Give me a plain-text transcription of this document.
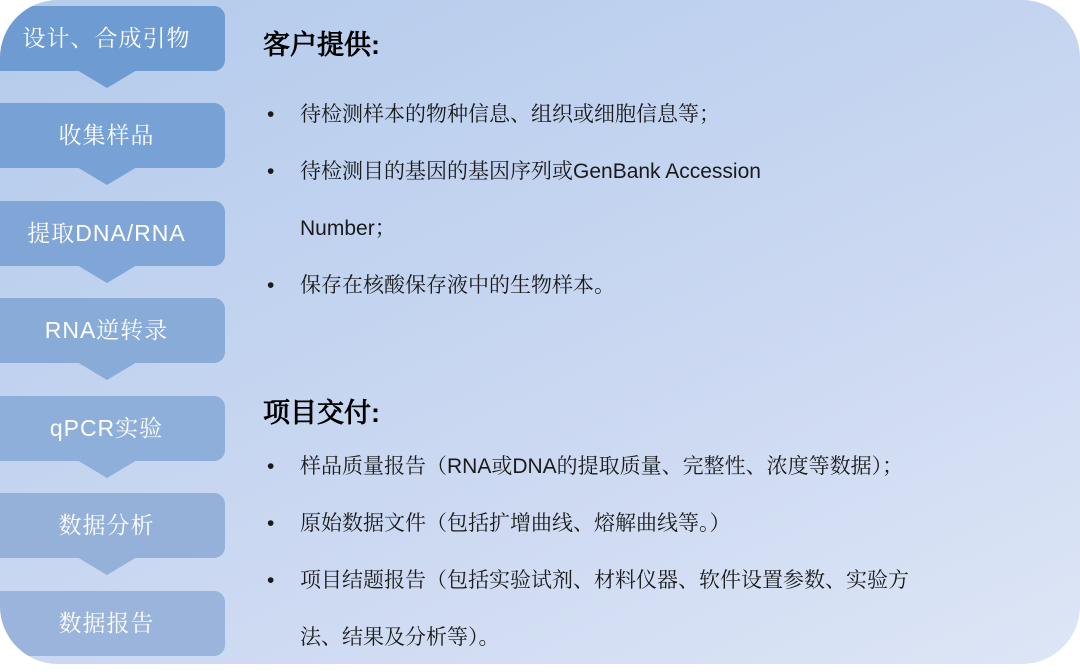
设计、合成引物
收集样品
提取DNA/RNA
RNA逆转录
qPCR实验
数据分析
数据报告
客户提供:
• 待检测样本的物种信息、组织或细胞信息等；
• 待检测目的基因的基因序列或GenBank Accession Number；
• 保存在核酸保存液中的生物样本。
项目交付:
• 样品质量报告（RNA或DNA的提取质量、完整性、浓度等数据）；
• 原始数据文件（包括扩增曲线、熔解曲线等。）
• 项目结题报告（包括实验试剂、材料仪器、软件设置参数、实验方法、结果及分析等）。
